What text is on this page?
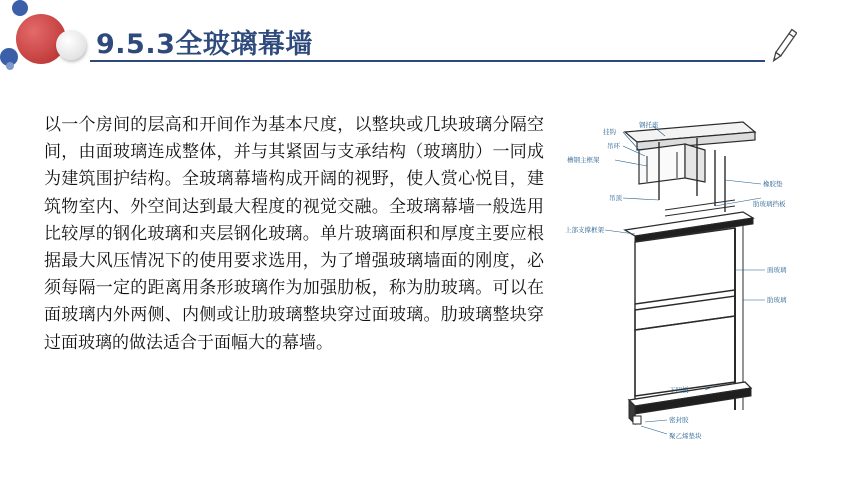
9.5.3全玻璃幕墙

以一个房间的层高和开间作为基本尺度，以整块或几块玻璃分隔空间，由面玻璃连成整体，并与其紧固与支承结构（玻璃肋）一同成为建筑围护结构。全玻璃幕墙构成开阔的视野，使人赏心悦目，建筑物室内、外空间达到最大程度的视觉交融。全玻璃幕墙一般选用比较厚的钢化玻璃和夹层钢化玻璃。单片玻璃面积和厚度主要应根据最大风压情况下的使用要求选用，为了增强玻璃墙面的刚度，必须每隔一定的距离用条形玻璃作为加强肋板，称为肋玻璃。可以在面玻璃内外两侧、内侧或让肋玻璃整块穿过面玻璃。肋玻璃整块穿过面玻璃的做法适合于面幅大的幕墙。

钢托座
挂钩
吊环
槽钢主框架
橡胶垫
肋玻璃挡板
吊顶
上部支撑框架
面玻璃
肋玻璃
下凹板
密封胶
聚乙烯垫块
